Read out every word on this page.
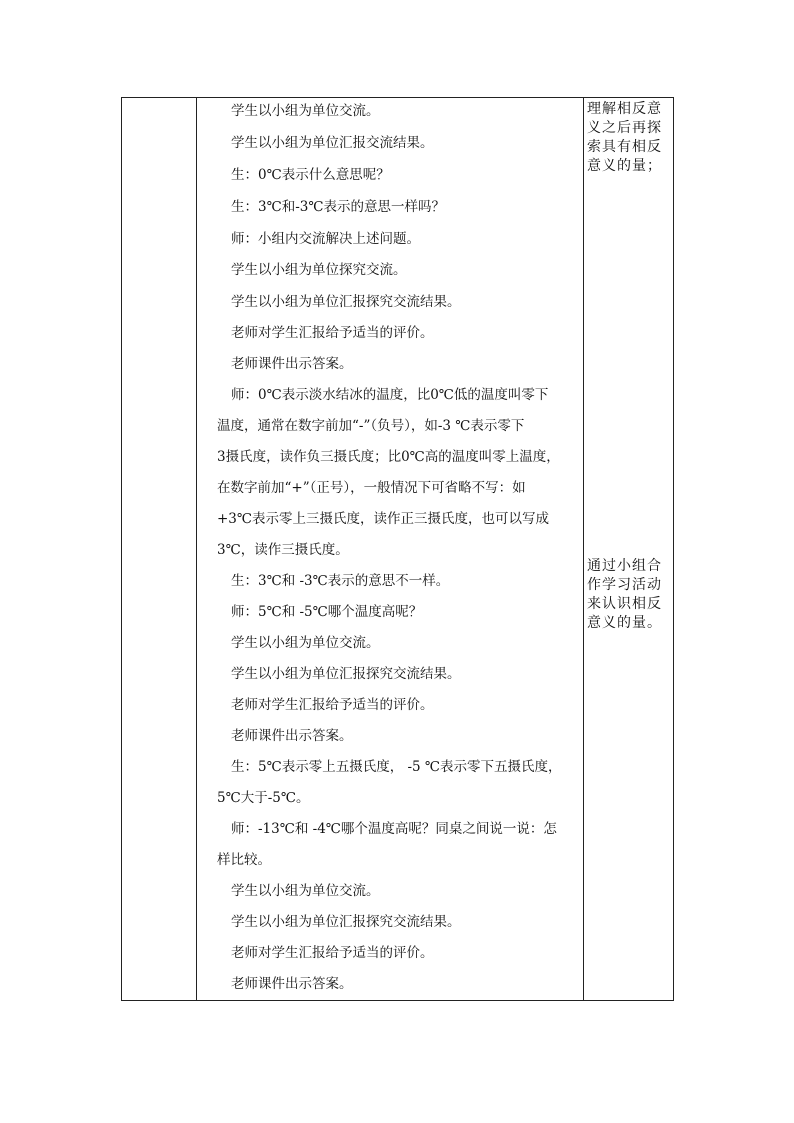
学生以小组为单位交流。
学生以小组为单位汇报交流结果。
生：0℃表示什么意思呢？
生：3℃和-3℃表示的意思一样吗？
师：小组内交流解决上述问题。
学生以小组为单位探究交流。
学生以小组为单位汇报探究交流结果。
老师对学生汇报给予适当的评价。
老师课件出示答案。
师：0℃表示淡水结冰的温度，比0℃低的温度叫零下
温度，通常在数字前加“-”（负号），如-3 ℃表示零下
3摄氏度，读作负三摄氏度；比0℃高的温度叫零上温度，
在数字前加“+”（正号），一般情况下可省略不写：如
+3℃表示零上三摄氏度，读作正三摄氏度，也可以写成
3℃，读作三摄氏度。
生：3℃和 -3℃表示的意思不一样。
师：5℃和 -5℃哪个温度高呢？
学生以小组为单位交流。
学生以小组为单位汇报探究交流结果。
老师对学生汇报给予适当的评价。
老师课件出示答案。
生：5℃表示零上五摄氏度， -5 ℃表示零下五摄氏度，
5℃大于-5℃。
师：-13℃和 -4℃哪个温度高呢？同桌之间说一说：怎
样比较。
学生以小组为单位交流。
学生以小组为单位汇报探究交流结果。
老师对学生汇报给予适当的评价。
老师课件出示答案。
理解相反意义之后再探索具有相反意义的量；
通过小组合作学习活动来认识相反意义的量。
